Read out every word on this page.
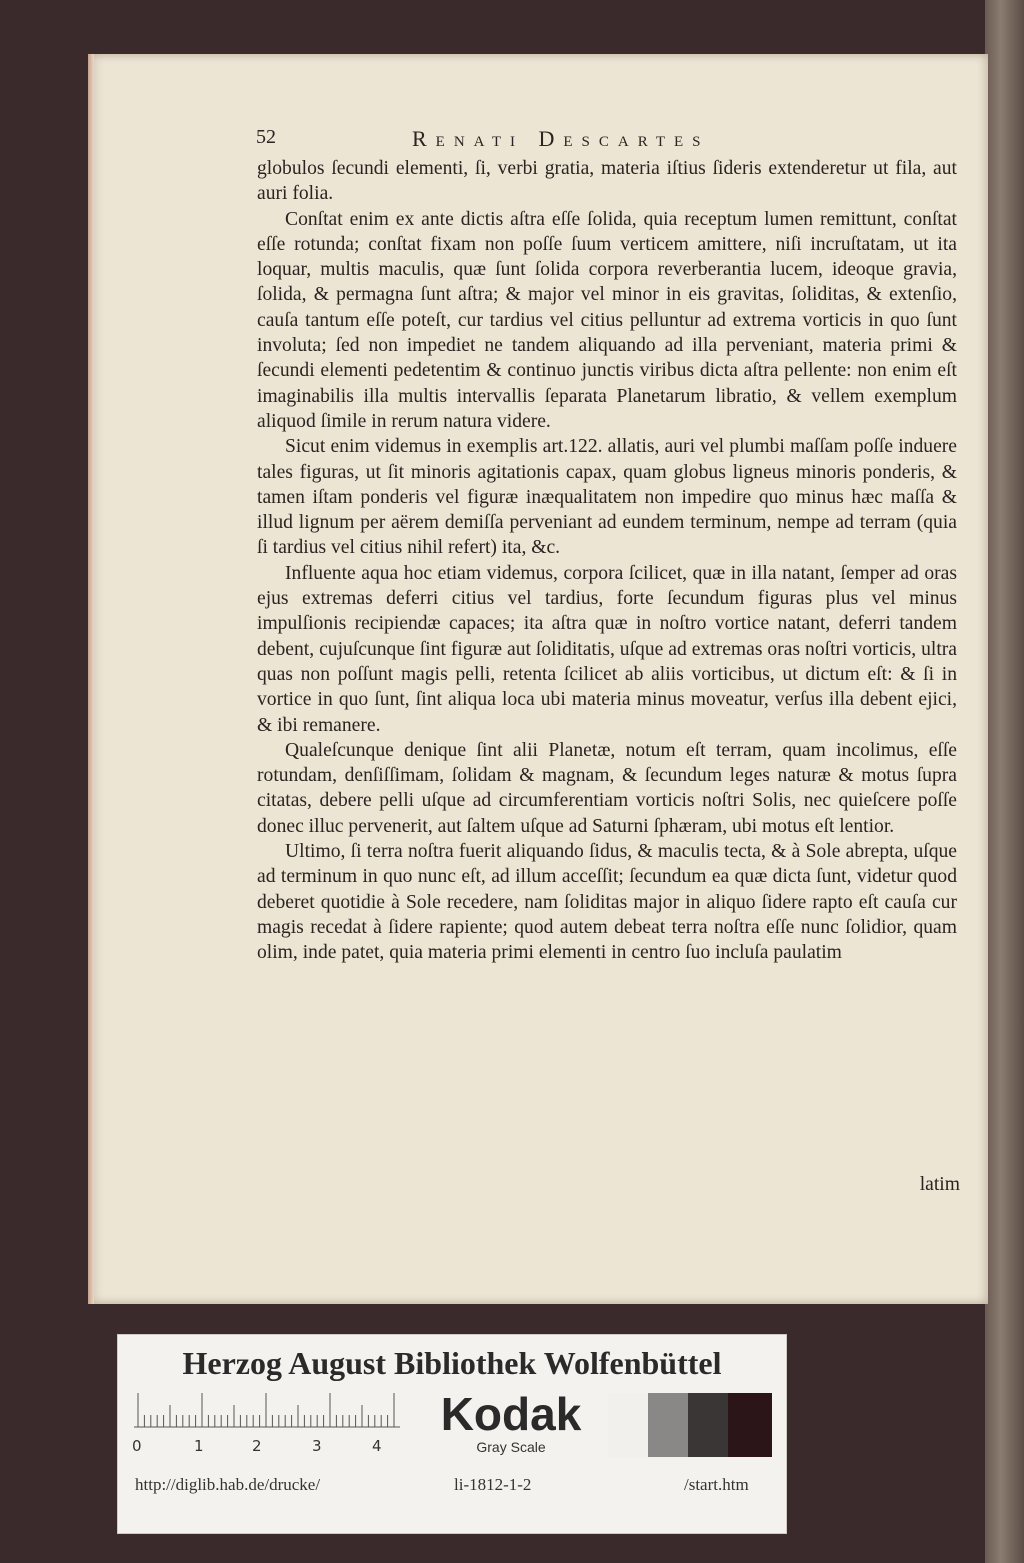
52	Renati Descartes

globulos ſecundi elementi, ſi, verbi gratia, materia iſtius ſideris extenderetur ut fila, aut auri folia.

Conſtat enim ex ante dictis aſtra eſſe ſolida, quia receptum lumen remittunt, conſtat eſſe rotunda; conſtat fixam non poſſe ſuum verticem amittere, niſi incruſtatam, ut ita loquar, multis maculis, quæ ſunt ſolida corpora reverberantia lucem, ideoque gravia, ſolida, & permagna ſunt aſtra; & major vel minor in eis gravitas, ſoliditas, & extenſio, cauſa tantum eſſe poteſt, cur tardius vel citius pelluntur ad extrema vorticis in quo ſunt involuta; ſed non impediet ne tandem aliquando ad illa perveniant, materia primi & ſecundi elementi pedetentim & continuo junctis viribus dicta aſtra pellente: non enim eſt imaginabilis illa multis intervallis ſeparata Planetarum libratio, & vellem exemplum aliquod ſimile in rerum natura videre.

Sicut enim videmus in exemplis art.122. allatis, auri vel plumbi maſſam poſſe induere tales figuras, ut ſit minoris agitationis capax, quam globus ligneus minoris ponderis, & tamen iſtam ponderis vel figuræ inæqualitatem non impedire quo minus hæc maſſa & illud lignum per aërem demiſſa perveniant ad eundem terminum, nempe ad terram (quia ſi tardius vel citius nihil refert) ita, &c.

Influente aqua hoc etiam videmus, corpora ſcilicet, quæ in illa natant, ſemper ad oras ejus extremas deferri citius vel tardius, forte ſecundum figuras plus vel minus impulſionis recipiendæ capaces; ita aſtra quæ in noſtro vortice natant, deferri tandem debent, cujuſcunque ſint figuræ aut ſoliditatis, uſque ad extremas oras noſtri vorticis, ultra quas non poſſunt magis pelli, retenta ſcilicet ab aliis vorticibus, ut dictum eſt: & ſi in vortice in quo ſunt, ſint aliqua loca ubi materia minus moveatur, verſus illa debent ejici, & ibi remanere.

Qualeſcunque denique ſint alii Planetæ, notum eſt terram, quam incolimus, eſſe rotundam, denſiſſimam, ſolidam & magnam, & ſecundum leges naturæ & motus ſupra citatas, debere pelli uſque ad circumferentiam vorticis noſtri Solis, nec quieſcere poſſe donec illuc pervenerit, aut ſaltem uſque ad Saturni ſphæram, ubi motus eſt lentior.

Ultimo, ſi terra noſtra fuerit aliquando ſidus, & maculis tecta, & à Sole abrepta, uſque ad terminum in quo nunc eſt, ad illum acceſſit; ſecundum ea quæ dicta ſunt, videtur quod deberet quotidie à Sole recedere, nam ſoliditas major in aliquo ſidere rapto eſt cauſa cur magis recedat à ſidere rapiente; quod autem debeat terra noſtra eſſe nunc ſolidior, quam olim, inde patet, quia materia primi elementi in centro ſuo incluſa paulatim

latim
Herzog August Bibliothek Wolfenbüttel
0	1	2	3	4
Kodak
Gray Scale
http://diglib.hab.de/drucke/	li-1812-1-2	/start.htm
